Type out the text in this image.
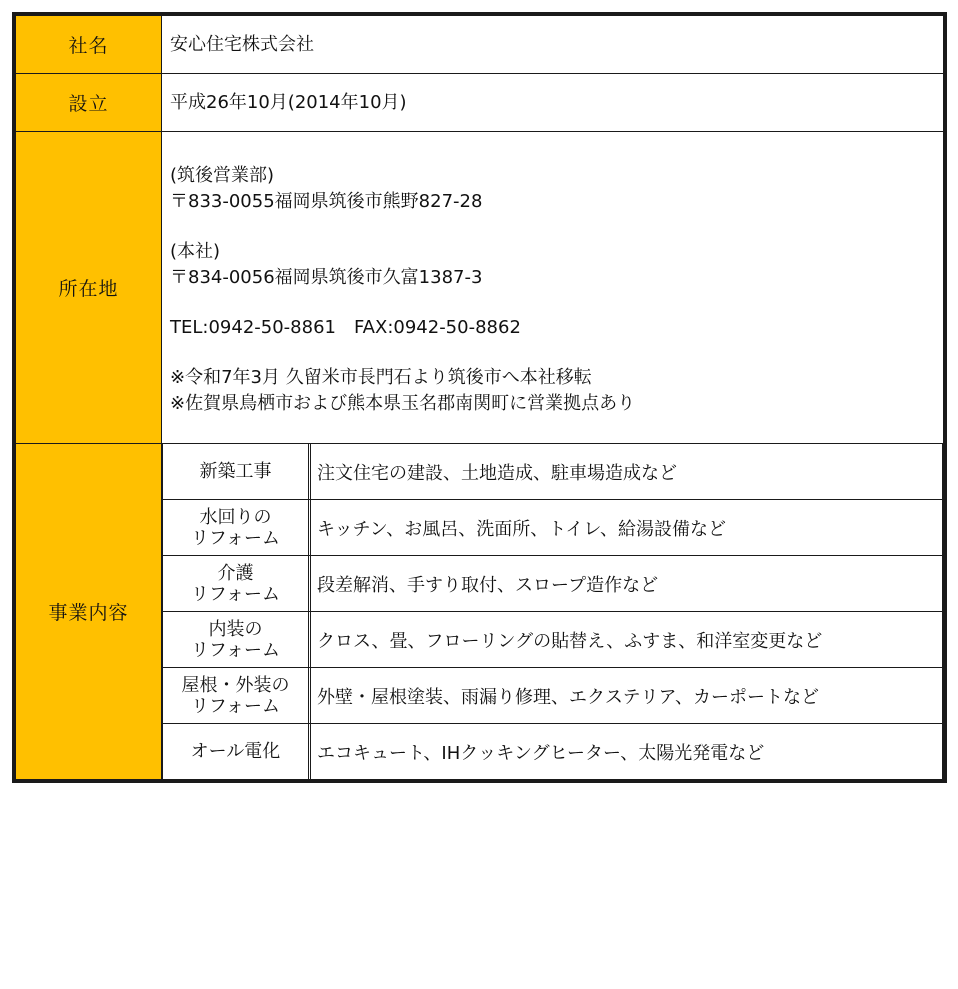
社名	安心住宅株式会社
設立	平成26年10月(2014年10月)
所在地	
(筑後営業部)
〒833-0055福岡県筑後市熊野827-28
(本社)
〒834-0056福岡県筑後市久富1387-3
TEL:0942-50-8861　FAX:0942-50-8862
※令和7年3月 久留米市長門石より筑後市へ本社移転
※佐賀県鳥栖市および熊本県玉名郡南関町に営業拠点あり

事業内容	
新築工事		注文住宅の建設、土地造成、駐車場造成など

水回りの
リフォーム		キッチン、お風呂、洗面所、トイレ、給湯設備など

介護
リフォーム		段差解消、手すり取付、スロープ造作など

内装の
リフォーム		クロス、畳、フローリングの貼替え、ふすま、和洋室変更など

屋根・外装の
リフォーム		外壁・屋根塗装、雨漏り修理、エクステリア、カーポートなど

オール電化		エコキュート、IHクッキングヒーター、太陽光発電など
